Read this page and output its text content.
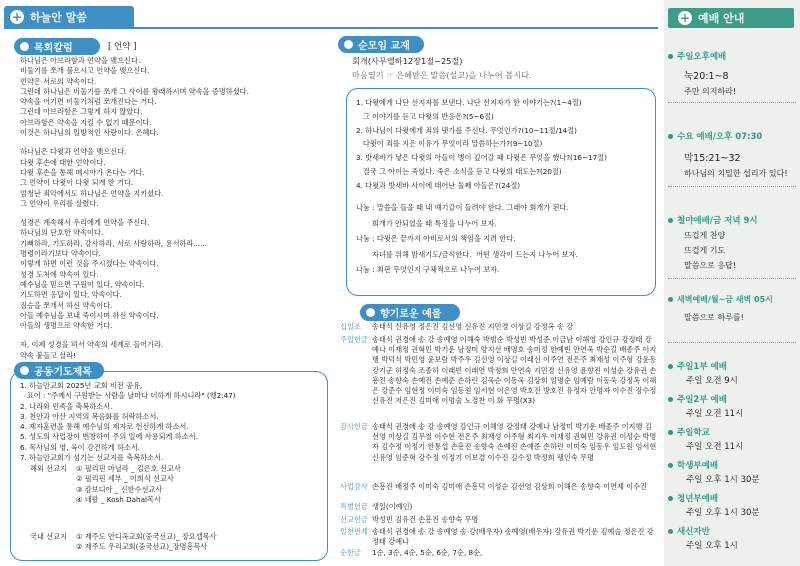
+ 하늘안 말씀
목회칼럼	[ 언약 ]
하나님은 아브라함과 언약을 맺으신다.
비둘기를 쪼개 불으시고 언약을 맺으신다.
언약은 서로의 약속이다.
그런데 하나님은 비둘기를 쪼개 그 사이를 왕래하시며 약속을 증명하셨다.
약속을 어기면 비둘기처럼 쪼개진다는 거다.
그런데 아브라함은 그렇게 하지 않았다.
아브라함은 약속을 지킬 수 없기 때문이다.
이것은 하나님의 일방적인 사랑이다. 은혜다.
하나님은 다윗과 언약을 맺으신다.
다윗 후손에 대한 언약이다.
다윗 후손을 통해 메시아가 온다는 거다.
그 언약이 다윗이 다윗 되게 한 거다.
엄청난 죄악에서도 하나님은 언약을 지키셨다.
그 언약이 우리를 살렸다.
성경은 계속해서 우리에게 언약을 주신다.
하나님의 단호한 약속이다.
기뻐하라, 기도하라, 감사하라, 서로 사랑하라, 용서하라......
명령이라기보다 약속이다.
이렇게 하면 이런 것을 주시겠다는 약속이다.
성경 도처에 약속이 있다.
예수님을 믿으면 구원이 있다, 약속이다.
기도하면 응답이 있다, 약속이다.
짐승을 쪼개서 하신 약속이다.
아들 예수님을 보내 죽이시며 하신 약속이다.
아들의 생명으로 약속한 거다.
자, 이제 성경을 펴서 약속의 세계로 들어가라.
약속 붙들고 살라!
공동기도제목
1. 하늘안교회 2025년 교회 비전 공유,
표어 : "주께서 구원받는 사람을 날마다 더하게 하시니라" (행2:47)
2. 나라와 민족을 축복하소서.
3. 천안과 아산 지역의 복음화를 허락하소서.
4. 제자훈련을 통해 예수님의 제자로 헌신하게 하소서.
5. 성도의 사업장이 번창하여 주의 일에 사용되게 하소서.
6. 목사님의 영, 육이 강건하게 하소서.
7. 하늘안교회가 섬기는 선교지를 축복하소서.
해외 선교지 ① 필리핀 마닐라 _ 김은호 선교사
② 필리핀 세부 _ 이희석 선교사
③ 캄보디아 _ 신한수선교사
④ 네팔 _ Kosh Dahal목사
국내 선교지 ① 제주도 안디옥교회(중국선교)_ 장요셉목사
② 제주도 우리교회(중국선교)_장명흥목사
순모임 교재
회개(사무엘하12장1절~25절)
마음열기 ☞ 은혜받은 말씀(설교)을 나누어 봅시다.
1. 다윗에게 나단 선지자를 보낸다. 나단 선지자가 한 이야기는?(1~4절)
그 이야기를 듣고 다윗의 반응은?(5~6절)
2. 하나님이 다윗에게 죄의 댓가를 주신다. 무엇인가?(10~11절/14절)
다윗이 죄를 지은 이유가 무엇이라 말씀하는가?(9~10절)
3. 밧세바가 낳은 다윗의 아들이 병이 깊어갈 때 다윗은 무엇을 했나?(16~17절)
결국 그 아이는 죽었다. 죽은 소식을 듣고 다윗의 태도는?(20절)
4. 다윗과 밧세바 사이에 태어난 둘째 아들은?(24절)
나눔 : 말씀을 들을 때 내 얘기같이 들려야 한다. 그래야 회개가 된다.
회개가 안되었을 때 특징을 나누어 보자.
나눔 : 다윗은 끝까지 아비로서의 책임을 지려 한다.
자녀를 위해 밤새기도/금식한다.  어떤 생각이 드는지 나누어 보자.
나눔 : 최판 무엇인지 구체적으로 나누어 보자.
향기로운 예물
십일조	송태식 신유영 정은진 김선영 신유진 지민경 이상길 강정옥 송 강
주일헌금 송태식 권경애 송 강 송예영 이해숙 박범순 박성빈 박성준 이금남 이해영 강인규 강정태 강예나 이재정 권혁민 박기운 남정미 양지선 배명호 송미정 한예빈 안연옥 박순길 배종주 이지행 박덕식 박민영 윤보람 박주우 김선영 이상길 이래선 이주연 전은주 최재성 이주형 강윤동 강기군 허정숙 조종하 이래빈 이래연 박정희 안연숙 지민경 신유영 윤향진 이성순 강유권 손흥진 송향숙 손예진 손예준 손하린 김욱순 이동욱 김상희 임명순 임예람 이동욱 강정옥 이해은 강준수 임현정 이미숙 임동원 임서현 이은영 박호진 방호진 유정자 안명자 이수진 장수정 신유진 저은진 김미애 이명술 노경찬 이 화 무명(X3)
감사헌금 송태식 권경애 송 강 송예영 강인규 이해영 강정태 강예나 남정미 박기운 배종주 이지행 김선영 이상길 김무철 이수현 전은주 최재성 이주형 최지우 이재정 권혁민 강유권 이성순 박명자 김수정 이정기 한통섭 손흥진 송향숙 손예진 손예준 손하린 이미숙 임동우 임도원 임서현 신유영 임준혁 강수정 이정기 이보겸 이수진 김수정 박정희 팽인숙 무명
사업감사 손흥진 배정주 이미숙 김미애 손흥덕 이성순 김선영 김상희 이해은 송향숙 이연제 이수진
특별헌금 생일(이예인)
선교헌금 박성빈 김유건 손흥진 송향숙 무명
일천번제 송태식 권경애 송 강 송예영 송 강(배우자) 송예영(배우자) 강유권 박기운 김예슬 정은진 강정태 강예나
순한금	1순, 3순, 4순, 5순, 6순, 7순, 8순,
+ 예배 안내
주일오후예배
눅20:1~8
주만 의지하라!
수요 예배/오후 07:30
막15:21~32
하나님의 치밀한 섭리가 있다!
철야예배/금 저녁 9시
뜨겁게 찬양
뜨겁게 기도
말씀으로 응답!
새벽예배/월~금 새벽 05시
말씀으로 하루를!
주일1부 예배
주일 오전 9시
주일2부 예배
주일 오전 11시
주일학교
주일 오전 11시
학생부예배
주일 오후 1시 30분
청년부예배
주일 오후 1시 30분
새신자반
주일 오후 1시
